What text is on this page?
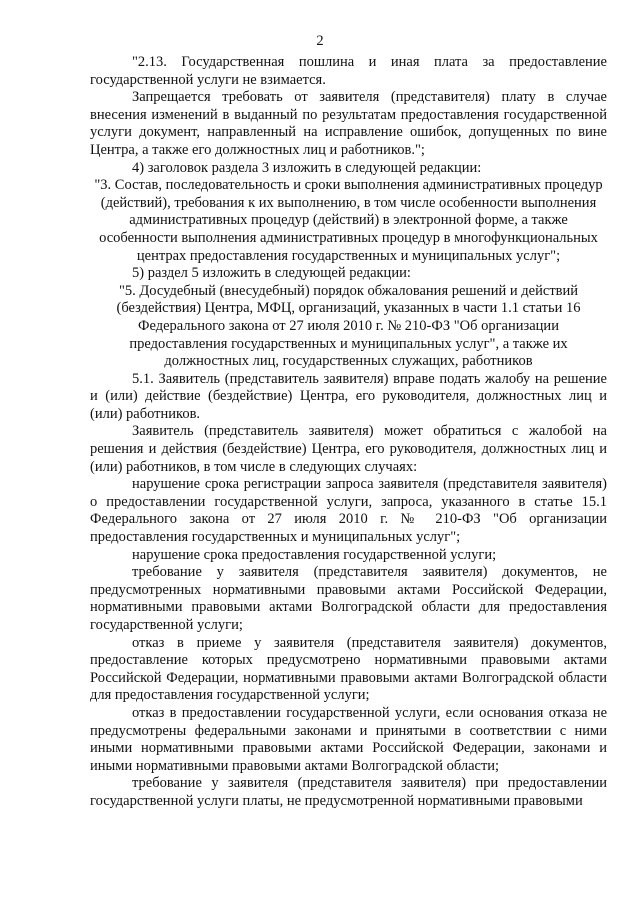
2

"2.13. Государственная пошлина и иная плата за предоставление государственной услуги не взимается.

Запрещается требовать от заявителя (представителя) плату в случае внесения изменений в выданный по результатам предоставления государственной услуги документ, направленный на исправление ошибок, допущенных по вине Центра, а также его должностных лиц и работников.";

4) заголовок раздела 3 изложить в следующей редакции:

"3. Состав, последовательность и сроки выполнения административных процедур (действий), требования к их выполнению, в том числе особенности выполнения административных процедур (действий) в электронной форме, а также особенности выполнения административных процедур в многофункциональных центрах предоставления государственных и муниципальных услуг";

5) раздел 5 изложить в следующей редакции:

"5. Досудебный (внесудебный) порядок обжалования решений и действий (бездействия) Центра, МФЦ, организаций, указанных в части 1.1 статьи 16 Федерального закона от 27 июля 2010 г. № 210-ФЗ "Об организации предоставления государственных и муниципальных услуг", а также их должностных лиц, государственных служащих, работников

5.1. Заявитель (представитель заявителя) вправе подать жалобу на решение и (или) действие (бездействие) Центра, его руководителя, должностных лиц и (или) работников.

Заявитель (представитель заявителя) может обратиться с жалобой на решения и действия (бездействие) Центра, его руководителя, должностных лиц и (или) работников, в том числе в следующих случаях:

нарушение срока регистрации запроса заявителя (представителя заявителя) о предоставлении государственной услуги, запроса, указанного в статье 15.1 Федерального закона от 27 июля 2010 г. № 210-ФЗ "Об организации предоставления государственных и муниципальных услуг";

нарушение срока предоставления государственной услуги;

требование у заявителя (представителя заявителя) документов, не предусмотренных нормативными правовыми актами Российской Федерации, нормативными правовыми актами Волгоградской области для предоставления государственной услуги;

отказ в приеме у заявителя (представителя заявителя) документов, предоставление которых предусмотрено нормативными правовыми актами Российской Федерации, нормативными правовыми актами Волгоградской области для предоставления государственной услуги;

отказ в предоставлении государственной услуги, если основания отказа не предусмотрены федеральными законами и принятыми в соответствии с ними иными нормативными правовыми актами Российской Федерации, законами и иными нормативными правовыми актами Волгоградской области;

требование у заявителя (представителя заявителя) при предоставлении государственной услуги платы, не предусмотренной нормативными правовыми
